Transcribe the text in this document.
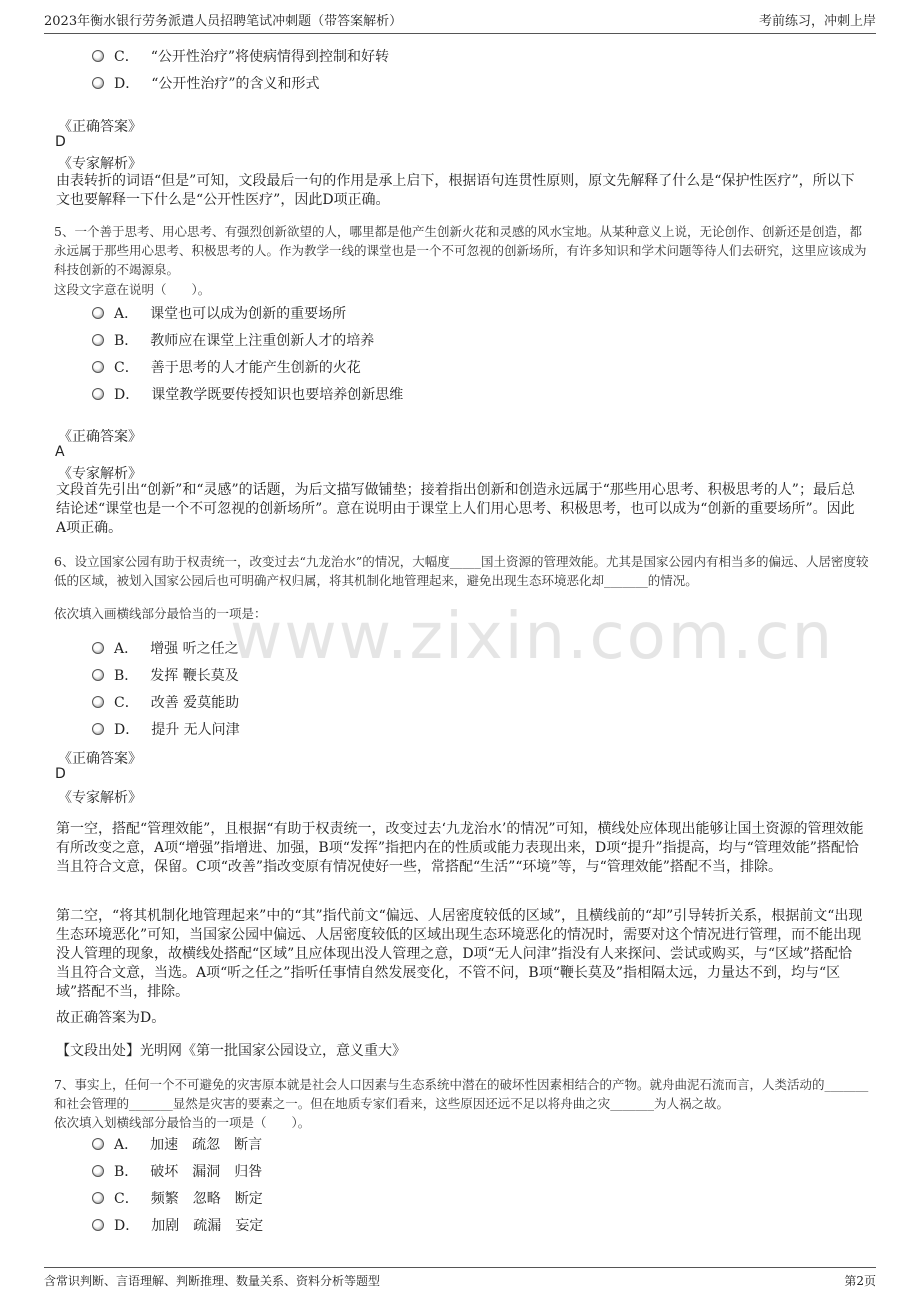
2023年衡水银行劳务派遣人员招聘笔试冲刺题（带答案解析）	考前练习，冲刺上岸
www.zixin.com.cn
C． “公开性治疗”将使病情得到控制和好转
D． “公开性治疗”的含义和形式
《正确答案》
D
《专家解析》
由表转折的词语“但是”可知，文段最后一句的作用是承上启下，根据语句连贯性原则，原文先解释了什么是“保护性医疗”，所以下文也要解释一下什么是“公开性医疗”，因此D项正确。
5、一个善于思考、用心思考、有强烈创新欲望的人，哪里都是他产生创新火花和灵感的风水宝地。从某种意义上说，无论创作、创新还是创造，都永远属于那些用心思考、积极思考的人。作为教学一线的课堂也是一个不可忽视的创新场所，有许多知识和学术问题等待人们去研究，这里应该成为科技创新的不竭源泉。
这段文字意在说明（　　）。
A． 课堂也可以成为创新的重要场所
B． 教师应在课堂上注重创新人才的培养
C． 善于思考的人才能产生创新的火花
D． 课堂教学既要传授知识也要培养创新思维
《正确答案》
A
《专家解析》
文段首先引出“创新”和“灵感”的话题，为后文描写做铺垫；接着指出创新和创造永远属于“那些用心思考、积极思考的人”；最后总结论述“课堂也是一个不可忽视的创新场所”。意在说明由于课堂上人们用心思考、积极思考，也可以成为“创新的重要场所”。因此A项正确。
6、设立国家公园有助于权责统一，改变过去“九龙治水”的情况，大幅度_____国土资源的管理效能。尤其是国家公园内有相当多的偏远、人居密度较低的区域，被划入国家公园后也可明确产权归属，将其机制化地管理起来，避免出现生态环境恶化却_______的情况。
依次填入画横线部分最恰当的一项是：
A． 增强 听之任之
B． 发挥 鞭长莫及
C． 改善 爱莫能助
D． 提升 无人问津
《正确答案》
D
《专家解析》
第一空，搭配“管理效能”，且根据“有助于权责统一，改变过去‘九龙治水’的情况”可知，横线处应体现出能够让国土资源的管理效能有所改变之意，A项“增强”指增进、加强，B项“发挥”指把内在的性质或能力表现出来，D项“提升”指提高，均与“管理效能”搭配恰当且符合文意，保留。C项“改善”指改变原有情况使好一些，常搭配“生活”“环境”等，与“管理效能”搭配不当，排除。
第二空，“将其机制化地管理起来”中的“其”指代前文“偏远、人居密度较低的区域”，且横线前的“却”引导转折关系，根据前文“出现生态环境恶化”可知，当国家公园中偏远、人居密度较低的区域出现生态环境恶化的情况时，需要对这个情况进行管理，而不能出现没人管理的现象，故横线处搭配“区域”且应体现出没人管理之意，D项“无人问津”指没有人来探问、尝试或购买，与“区域”搭配恰当且符合文意，当选。A项“听之任之”指听任事情自然发展变化，不管不问，B项“鞭长莫及”指相隔太远，力量达不到，均与“区域”搭配不当，排除。
故正确答案为D。
【文段出处】光明网《第一批国家公园设立，意义重大》
7、事实上，任何一个不可避免的灾害原本就是社会人口因素与生态系统中潜在的破坏性因素相结合的产物。就舟曲泥石流而言，人类活动的_______和社会管理的_______显然是灾害的要素之一。但在地质专家们看来，这些原因还远不足以将舟曲之灾_______为人祸之故。
依次填入划横线部分最恰当的一项是（　　）。
A． 加速　疏忽　断言
B． 破坏　漏洞　归咎
C． 频繁　忽略　断定
D． 加剧　疏漏　妄定
含常识判断、言语理解、判断推理、数量关系、资料分析等题型	第2页
